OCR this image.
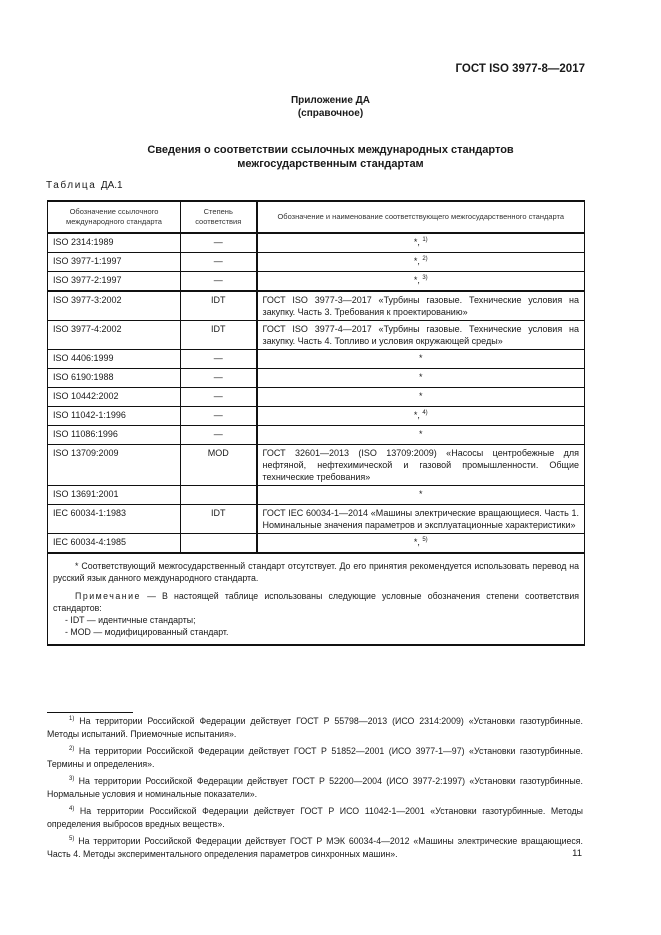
ГОСТ ISO 3977-8—2017
Приложение ДА
(справочное)
Сведения о соответствии ссылочных международных стандартов
межгосударственным стандартам
Таблица ДА.1
Обозначение ссылочного международного стандарта	Степень соответствия	Обозначение и наименование соответствующего межгосударственного стандарта
ISO 2314:1989	—	*, $^{1)}$
ISO 3977-1:1997	—	*, $^{2)}$
ISO 3977-2:1997	—	*, $^{3)}$
ISO 3977-3:2002	IDT	ГОСТ ISO 3977-3—2017 «Турбины газовые. Технические условия на закупку. Часть 3. Требования к проектированию»
ISO 3977-4:2002	IDT	ГОСТ ISO 3977-4—2017 «Турбины газовые. Технические условия на закупку. Часть 4. Топливо и условия окружающей среды»
ISO 4406:1999	—	*
ISO 6190:1988	—	*
ISO 10442:2002	—	*
ISO 11042-1:1996	—	*, $^{4)}$
ISO 11086:1996	—	*
ISO 13709:2009	MOD	ГОСТ 32601—2013 (ISO 13709:2009) «Насосы центробежные для нефтяной, нефтехимической и газовой промышленности. Общие технические требования»
ISO 13691:2001		*
IEC 60034-1:1983	IDT	ГОСТ IEC 60034-1—2014 «Машины электрические вращающиеся. Часть 1. Номинальные значения параметров и эксплуатационные характеристики»
IEC 60034-4:1985		*, $^{5)}$

* Соответствующий межгосударственный стандарт отсутствует. До его принятия рекомендуется использовать перевод на русский язык данного международного стандарта.

Примечание — В настоящей таблице использованы следующие условные обозначения степени соответствия стандартов:

- IDT — идентичные стандарты;
- MOD — модифицированный стандарт.		

$^{1)}$ На территории Российской Федерации действует ГОСТ Р 55798—2013 (ИСО 2314:2009) «Установки газотурбинные. Методы испытаний. Приемочные испытания».

$^{2)}$ На территории Российской Федерации действует ГОСТ Р 51852—2001 (ИСО 3977-1—97) «Установки газотурбинные. Термины и определения».

$^{3)}$ На территории Российской Федерации действует ГОСТ Р 52200—2004 (ИСО 3977-2:1997) «Установки газотурбинные. Нормальные условия и номинальные показатели».

$^{4)}$ На территории Российской Федерации действует ГОСТ Р ИСО 11042-1—2001 «Установки газотурбинные. Методы определения выбросов вредных веществ».

$^{5)}$ На территории Российской Федерации действует ГОСТ Р МЭК 60034-4—2012 «Машины электрические вращающиеся. Часть 4. Методы экспериментального определения параметров синхронных машин».	11
